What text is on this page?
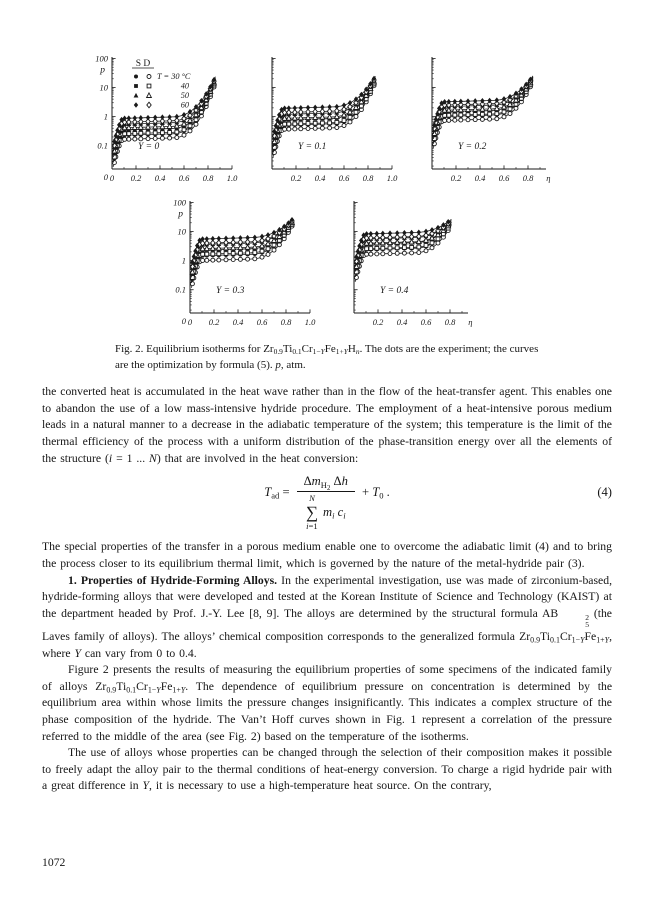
100
10
1
0.1
p
0 0 0.2 0.4 0.6 0.8 1.0
Y = 0
S D
T = 30 °C
40
50
60
0.2 0.4 0.6 0.8 1.0
Y = 0.1
0.2 0.4 0.6 0.8 η
Y = 0.2
100
10
1
0.1
p
0 0 0.2 0.4 0.6 0.8 1.0
Y = 0.3
0.2 0.4 0.6 0.8 η
Y = 0.4
Fig. 2. Equilibrium isotherms for $Zr_{0.9}Ti_{0.1}Cr_{1-Y}Fe_{1+Y}H_n$. The dots are the experiment; the curves are the optimization by formula (5). p, atm.

the converted heat is accumulated in the heat wave rather than in the flow of the heat-transfer agent. This enables one to abandon the use of a low mass-intensive hydride procedure. The employment of a heat-intensive porous medium leads in a natural manner to a decrease in the adiabatic temperature of the system; this temperature is the limit of the thermal efficiency of the process with a uniform distribution of the phase-transition energy over all the elements of the structure (i = 1 ... N) that are involved in the heat conversion:

$T_{ad}$ =
$\Delta m_{H_2}$ Δh
N
∑
i=1
$m_i$ $c_i$
+ $T_0$ .	(4)

The special properties of the transfer in a porous medium enable one to overcome the adiabatic limit (4) and to bring the process closer to its equilibrium thermal limit, which is governed by the nature of the metal-hydride pair (3).

1. Properties of Hydride-Forming Alloys. In the experimental investigation, use was made of zirconium-based, hydride-forming alloys that were developed and tested at the Korean Institute of Science and Technology (KAIST) at the department headed by Prof. J.-Y. Lee [8, 9]. The alloys are determined by the structural formula AB	2
5
(the Laves family of alloys). The alloys’ chemical composition corresponds to the generalized formula $Zr_{0.9}Ti_{0.1}Cr_{1-Y}Fe_{1+Y}$, where Y can vary from 0 to 0.4.

Figure 2 presents the results of measuring the equilibrium properties of some specimens of the indicated family of alloys $Zr_{0.9}Ti_{0.1}Cr_{1-Y}Fe_{1+Y}$. The dependence of equilibrium pressure on concentration is determined by the equilibrium area within whose limits the pressure changes insignificantly. This indicates a complex structure of the phase composition of the hydride. The Van’t Hoff curves shown in Fig. 1 represent a correlation of the pressure referred to the middle of the area (see Fig. 2) based on the temperature of the isotherms.

The use of alloys whose properties can be changed through the selection of their composition makes it possible to freely adapt the alloy pair to the thermal conditions of heat-energy conversion. To charge a rigid hydride pair with a great difference in Y, it is necessary to use a high-temperature heat source. On the contrary,

1072
